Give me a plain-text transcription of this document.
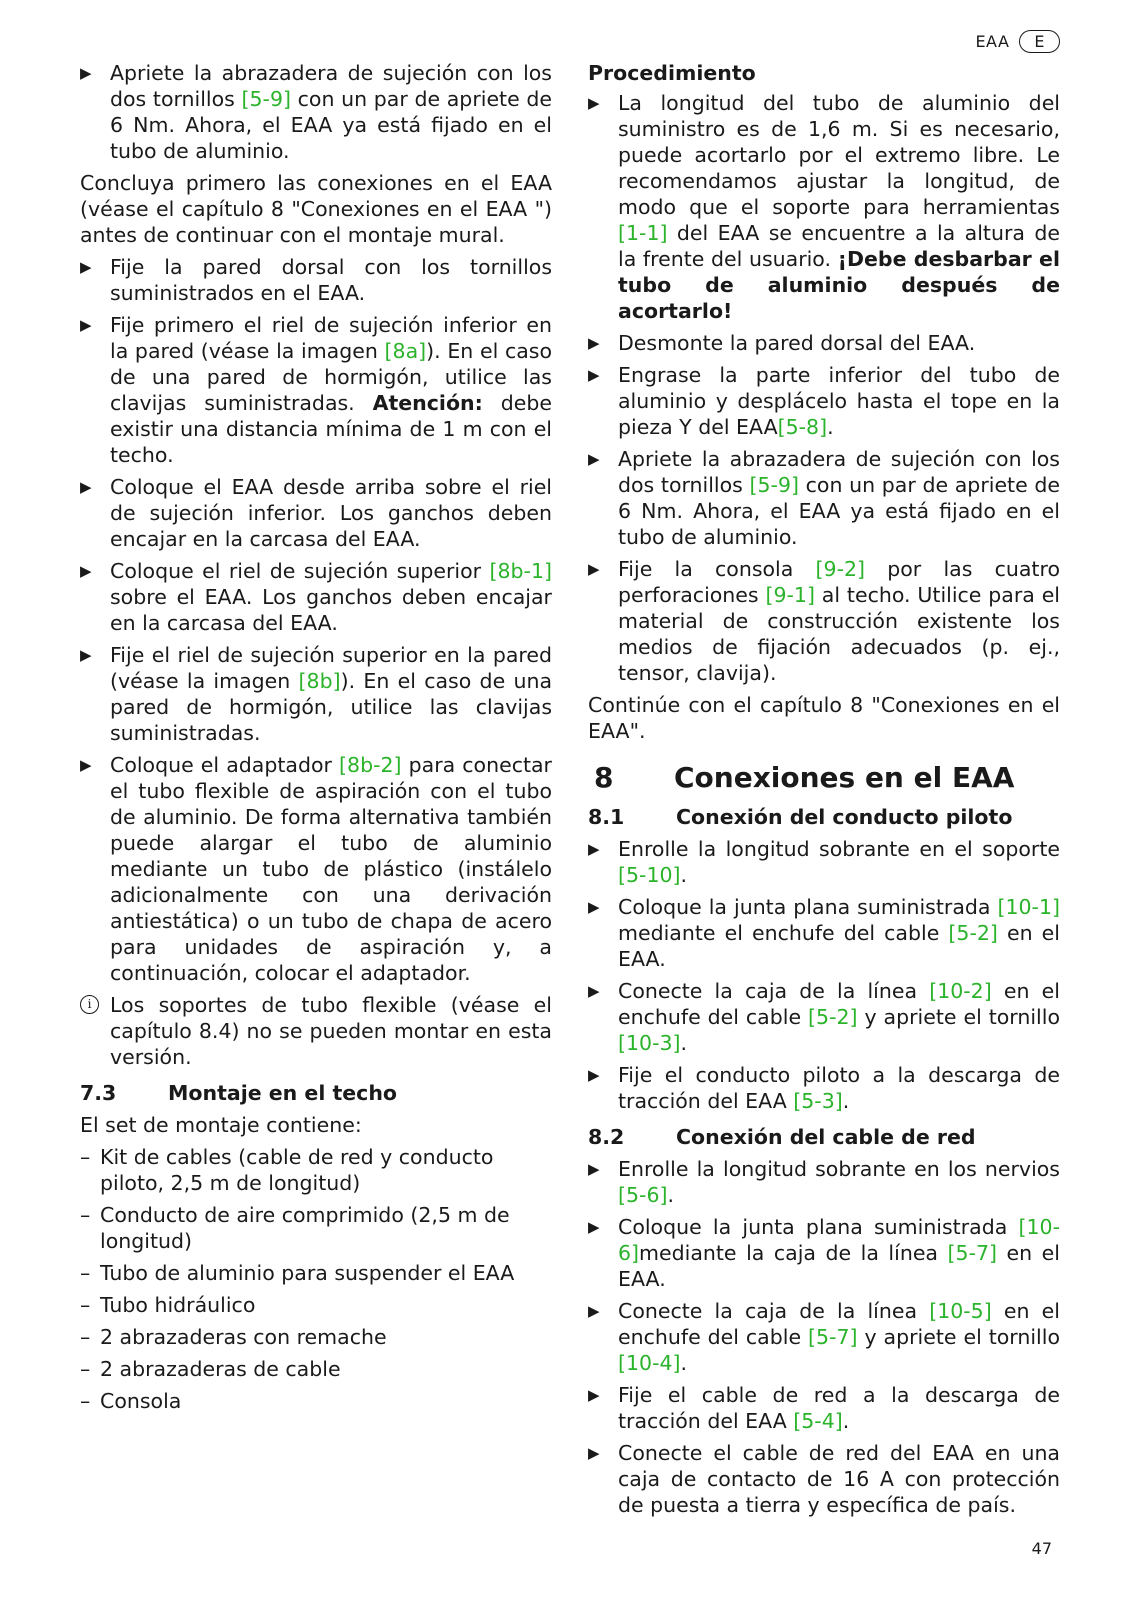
EAA	E
▶ Apriete la abrazadera de sujeción con los dos tornillos [5-9] con un par de apriete de 6 Nm. Ahora, el EAA ya está fijado en el tubo de aluminio.
Concluya primero las conexiones en el EAA (véase el capítulo 8 "Conexiones en el EAA ") antes de continuar con el montaje mural.
▶ Fije la pared dorsal con los tornillos suministrados en el EAA.
▶ Fije primero el riel de sujeción inferior en la pared (véase la imagen [8a]). En el caso de una pared de hormigón, utilice las clavijas suministradas. Atención: debe existir una distancia mínima de 1 m con el techo.
▶ Coloque el EAA desde arriba sobre el riel de sujeción inferior. Los ganchos deben encajar en la carcasa del EAA.
▶ Coloque el riel de sujeción superior [8b-1] sobre el EAA. Los ganchos deben encajar en la carcasa del EAA.
▶ Fije el riel de sujeción superior en la pared (véase la imagen [8b]). En el caso de una pared de hormigón, utilice las clavijas suministradas.
▶ Coloque el adaptador [8b-2] para conectar el tubo flexible de aspiración con el tubo de aluminio. De forma alternativa también puede alargar el tubo de aluminio mediante un tubo de plástico (instálelo adicionalmente con una derivación antiestática) o un tubo de chapa de acero para unidades de aspiración y, a continuación, colocar el adaptador.
i Los soportes de tubo flexible (véase el capítulo 8.4) no se pueden montar en esta versión.
7.3	Montaje en el techo
El set de montaje contiene:
– Kit de cables (cable de red y conducto piloto, 2,5 m de longitud)
– Conducto de aire comprimido (2,5 m de longitud)
– Tubo de aluminio para suspender el EAA
– Tubo hidráulico
– 2 abrazaderas con remache
– 2 abrazaderas de cable
– Consola
Procedimiento
▶ La longitud del tubo de aluminio del suministro es de 1,6 m. Si es necesario, puede acortarlo por el extremo libre. Le recomendamos ajustar la longitud, de modo que el soporte para herramientas [1-1] del EAA se encuentre a la altura de la frente del usuario. ¡Debe desbarbar el tubo de aluminio después de acortarlo!
▶ Desmonte la pared dorsal del EAA.
▶ Engrase la parte inferior del tubo de aluminio y desplácelo hasta el tope en la pieza Y del EAA[5-8].
▶ Apriete la abrazadera de sujeción con los dos tornillos [5-9] con un par de apriete de 6 Nm. Ahora, el EAA ya está fijado en el tubo de aluminio.
▶ Fije la consola [9-2] por las cuatro perforaciones [9-1] al techo. Utilice para el material de construcción existente los medios de fijación adecuados (p. ej., tensor, clavija).
Continúe con el capítulo 8 "Conexiones en el EAA".
8	Conexiones en el EAA
8.1	Conexión del conducto piloto
▶ Enrolle la longitud sobrante en el soporte [5-10].
▶ Coloque la junta plana suministrada [10-1] mediante el enchufe del cable [5-2] en el EAA.
▶ Conecte la caja de la línea [10-2] en el enchufe del cable [5-2] y apriete el tornillo [10-3].
▶ Fije el conducto piloto a la descarga de tracción del EAA [5-3].
8.2	Conexión del cable de red
▶ Enrolle la longitud sobrante en los nervios [5-6].
▶ Coloque la junta plana suministrada [10-6]mediante la caja de la línea [5-7] en el EAA.
▶ Conecte la caja de la línea [10-5] en el enchufe del cable [5-7] y apriete el tornillo [10-4].
▶ Fije el cable de red a la descarga de tracción del EAA [5-4].
▶ Conecte el cable de red del EAA en una caja de contacto de 16 A con protección de puesta a tierra y específica de país.
47
